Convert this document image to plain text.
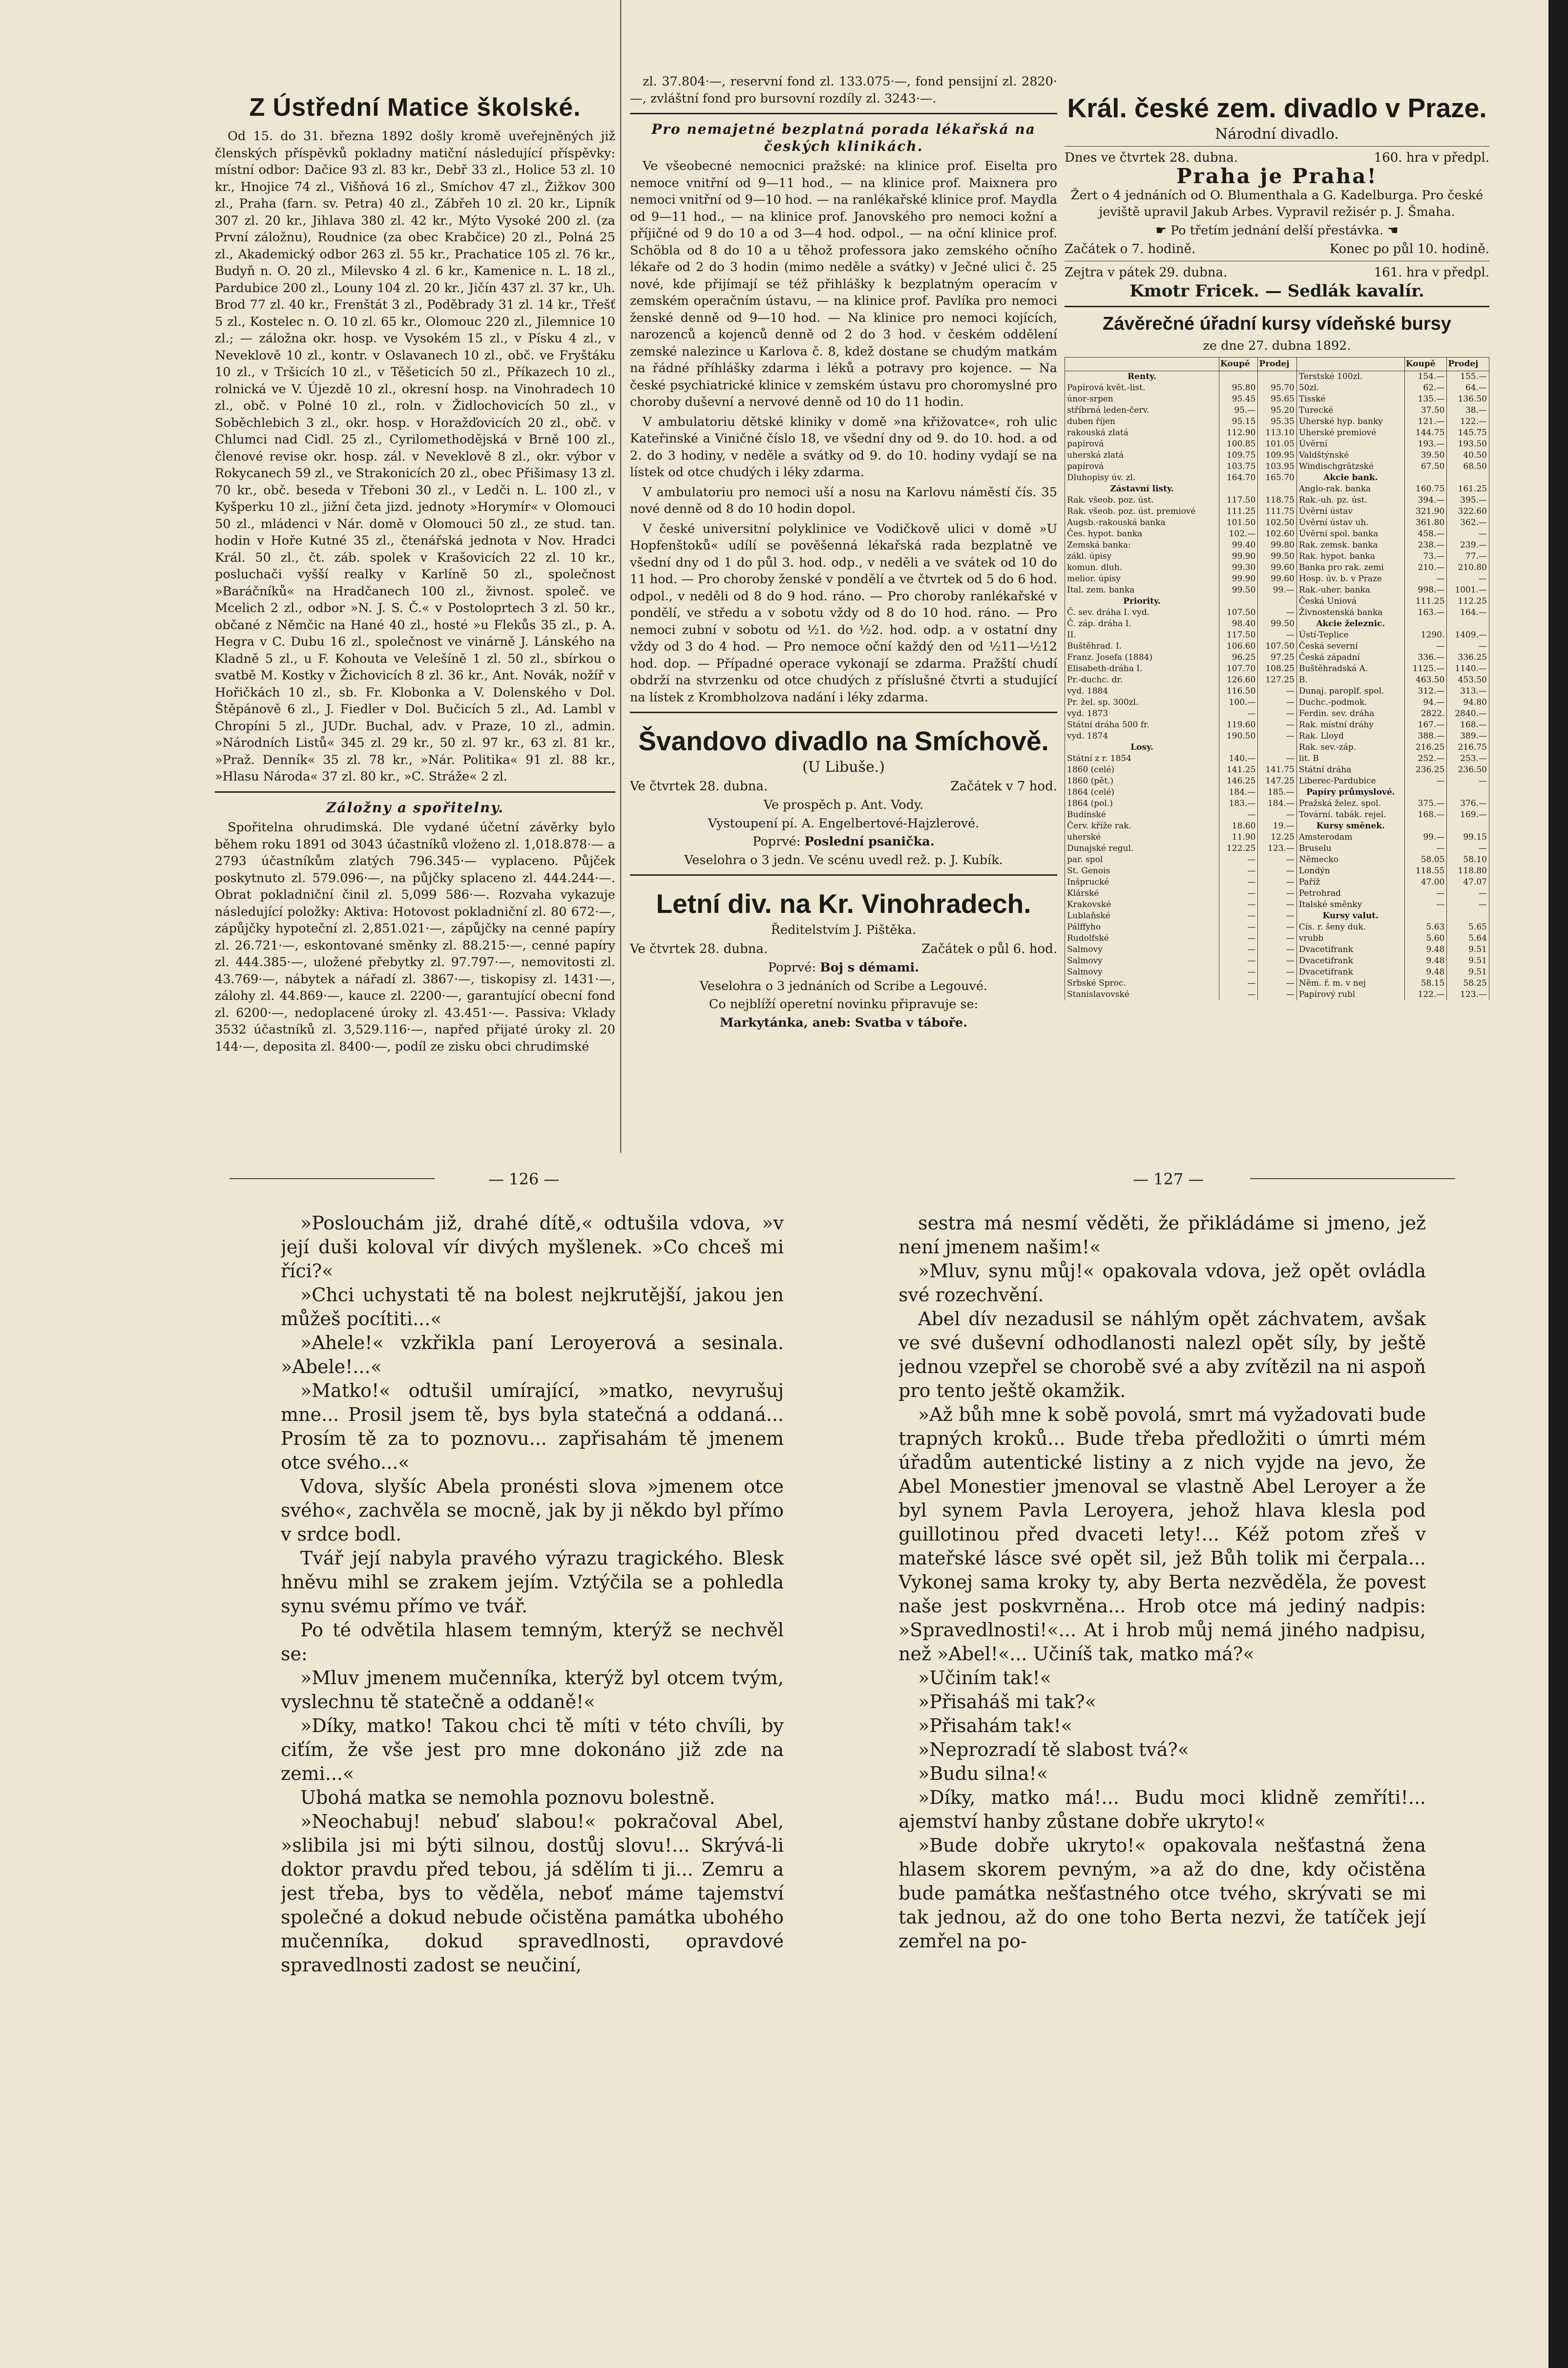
Z Ústřední Matice školské.

Od 15. do 31. března 1892 došly kromě uveřejněných již členských příspěvků pokladny matiční následující příspěvky: místní odbor: Dačice 93 zl. 83 kr., Debř 33 zl., Holice 53 zl. 10 kr., Hnojice 74 zl., Višňová 16 zl., Smíchov 47 zl., Žižkov 300 zl., Praha (farn. sv. Petra) 40 zl., Zábřeh 10 zl. 20 kr., Lipník 307 zl. 20 kr., Jihlava 380 zl. 42 kr., Mýto Vysoké 200 zl. (za První záložnu), Roudnice (za obec Krabčice) 20 zl., Polná 25 zl., Akademický odbor 263 zl. 55 kr., Prachatice 105 zl. 76 kr., Budyň n. O. 20 zl., Milevsko 4 zl. 6 kr., Kamenice n. L. 18 zl., Pardubice 200 zl., Louny 104 zl. 20 kr., Jičín 437 zl. 37 kr., Uh. Brod 77 zl. 40 kr., Frenštát 3 zl., Poděbrady 31 zl. 14 kr., Třešť 5 zl., Kostelec n. O. 10 zl. 65 kr., Olomouc 220 zl., Jilemnice 10 zl.; — záložna okr. hosp. ve Vysokém 15 zl., v Písku 4 zl., v Neveklově 10 zl., kontr. v Oslavanech 10 zl., obč. ve Fryštáku 10 zl., v Tršicích 10 zl., v Těšeticích 50 zl., Příkazech 10 zl., rolnická ve V. Újezdě 10 zl., okresní hosp. na Vinohradech 10 zl., obč. v Polné 10 zl., roln. v Židlochovicích 50 zl., v Soběchlebich 3 zl., okr. hosp. v Horažďovicích 20 zl., obč. v Chlumci nad Cidl. 25 zl., Cyrilomethodějská v Brně 100 zl., členové revise okr. hosp. zál. v Neveklově 8 zl., okr. výbor v Rokycanech 59 zl., ve Strakonicích 20 zl., obec Přišimasy 13 zl. 70 kr., obč. beseda v Třeboni 30 zl., v Ledči n. L. 100 zl., v Kyšperku 10 zl., jižní četa jizd. jednoty »Horymír« v Olomouci 50 zl., mládenci v Nár. domě v Olomouci 50 zl., ze stud. tan. hodin v Hoře Kutné 35 zl., čtenářská jednota v Nov. Hradci Král. 50 zl., čt. záb. spolek v Krašovicích 22 zl. 10 kr., posluchači vyšší realky v Karlíně 50 zl., společnost »Baráčníků« na Hradčanech 100 zl., živnost. společ. ve Mcelich 2 zl., odbor »N. J. S. Č.« v Postoloprtech 3 zl. 50 kr., občané z Němčic na Hané 40 zl., hosté »u Flekůs 35 zl., p. A. Hegra v C. Dubu 16 zl., společnost ve vinárně J. Lánského na Kladně 5 zl., u F. Kohouta ve Velešíně 1 zl. 50 zl., sbírkou o svatbě M. Kostky v Žichovicích 8 zl. 36 kr., Ant. Novák, nožíř v Hořičkách 10 zl., sb. Fr. Klobonka a V. Dolenského v Dol. Štěpánově 6 zl., J. Fiedler v Dol. Bučicích 5 zl., Ad. Lambl v Chropíni 5 zl., JUDr. Buchal, adv. v Praze, 10 zl., admin. »Národních Listů« 345 zl. 29 kr., 50 zl. 97 kr., 63 zl. 81 kr., »Praž. Denník« 35 zl. 78 kr., »Nár. Politika« 91 zl. 88 kr., »Hlasu Národa« 37 zl. 80 kr., »C. Stráže« 2 zl.

Záložny a spořitelny.

Spořitelna ohrudimská. Dle vydané účetní závěrky bylo během roku 1891 od 3043 účastníků vloženo zl. 1,018.878·— a 2793 účastníkům zlatých 796.345·— vyplaceno. Půjček poskytnuto zl. 579.096·—, na půjčky splaceno zl. 444.244·—. Obrat pokladniční činil zl. 5,099 586·—. Rozvaha vykazuje následující položky: Aktiva: Hotovost pokladniční zl. 80 672·—, zápůjčky hypoteční zl. 2,851.021·—, zápůjčky na cenné papíry zl. 26.721·—, eskontované směnky zl. 88.215·—, cenné papíry zl. 444.385·—, uložené přebytky zl. 97.797·—, nemovitosti zl. 43.769·—, nábytek a nářadí zl. 3867·—, tiskopisy zl. 1431·—, zálohy zl. 44.869·—, kauce zl. 2200·—, garantující obecní fond zl. 6200·—, nedoplacené úroky zl. 43.451·—. Passiva: Vklady 3532 účastníků zl. 3,529.116·—, napřed přijaté úroky zl. 20 144·—, deposita zl. 8400·—, podíl ze zisku obci chrudimské

zl. 37.804·—, reservní fond zl. 133.075·—, fond pensijní zl. 2820·—, zvláštní fond pro bursovní rozdíly zl. 3243·—.

Pro nemajetné bezplatná porada lékařská na českých klinikách.

Ve všeobecné nemocnici pražské: na klinice prof. Eiselta pro nemoce vnitřní od 9—11 hod., — na klinice prof. Maixnera pro nemoci vnitřní od 9—10 hod. — na ranlékařské klinice prof. Maydla od 9—11 hod., — na klinice prof. Janovského pro nemoci kožní a příjičné od 9 do 10 a od 3—4 hod. odpol., — na oční klinice prof. Schöbla od 8 do 10 a u těhož professora jako zemského očního lékaře od 2 do 3 hodin (mimo neděle a svátky) v Ječné ulici č. 25 nové, kde přijímají se též přihlášky k bezplatným operacím v zemském operačním ústavu, — na klinice prof. Pavlíka pro nemoci ženské denně od 9—10 hod. — Na klinice pro nemoci kojících, narozenců a kojenců denně od 2 do 3 hod. v českém oddělení zemské nalezince u Karlova č. 8, kdež dostane se chudým matkám na řádné příhlášky zdarma i léků a potravy pro kojence. — Na české psychiatrické klinice v zemském ústavu pro choromyslné pro choroby duševní a nervové denně od 10 do 11 hodin.

V ambulatoriu dětské kliniky v domě »na křižovatce«, roh ulic Kateřinské a Viničné číslo 18, ve všední dny od 9. do 10. hod. a od 2. do 3 hodiny, v neděle a svátky od 9. do 10. hodiny vydají se na lístek od otce chudých i léky zdarma.

V ambulatoriu pro nemoci uší a nosu na Karlovu náměstí čís. 35 nové denně od 8 do 10 hodin dopol.

V české universitní polyklinice ve Vodičkově ulici v domě »U Hopfenštoků« udílí se pověšenná lékařská rada bezplatně ve všední dny od 1 do půl 3. hod. odp., v neděli a ve svátek od 10 do 11 hod. — Pro choroby ženské v pondělí a ve čtvrtek od 5 do 6 hod. odpol., v neděli od 8 do 9 hod. ráno. — Pro choroby ranlékařské v pondělí, ve středu a v sobotu vždy od 8 do 10 hod. ráno. — Pro nemoci zubní v sobotu od ½1. do ½2. hod. odp. a v ostatní dny vždy od 3 do 4 hod. — Pro nemoce oční každý den od ½11—½12 hod. dop. — Případné operace vykonají se zdarma. Pražští chudí obdrží na stvrzenku od otce chudých z příslušné čtvrti a studující na lístek z Krombholzova nadání i léky zdarma.

Švandovo divadlo na Smíchově.
(U Libuše.)
Ve čtvrtek 28. dubna.	Začátek v 7 hod.
Ve prospěch p. Ant. Vody.
Vystoupení pí. A. Engelbertové-Hajzlerové.
Poprvé: Poslední psanička.
Veselohra o 3 jedn. Ve scénu uvedl rež. p. J. Kubík.
Letní div. na Kr. Vinohradech.
Ředitelstvím J. Pištěka.
Ve čtvrtek 28. dubna.	Začátek o půl 6. hod.
Poprvé: Boj s démami.
Veselohra o 3 jednáních od Scribe a Legouvé.
Co nejblíží operetní novinku připravuje se:
Markytánka, aneb: Svatba v táboře.
Král. české zem. divadlo v Praze.
Národní divadlo.
Dnes ve čtvrtek 28. dubna.	160. hra v předpl.
Praha je Praha!
Žert o 4 jednáních od O. Blumenthala a G. Kadelburga. Pro české jeviště upravil Jakub Arbes. Vypravil režisér p. J. Šmaha.
☛ Po třetím jednání delší přestávka. ☚
Začátek o 7. hodině.	Konec po půl 10. hodině.
Zejtra v pátek 29. dubna.	161. hra v předpl.
Kmotr Fricek. — Sedlák kavalír.
Závěrečné úřadní kursy vídeňské bursy
ze dne 27. dubna 1892.
	Koupě	Prodej		Koupě	Prodej
Renty.			Terstské 100zl.	154.—	155.—
Papírová květ.-list.	95.80	95.70	50zl.	62.—	64.—
únor-srpen	95.45	95.65	Tisské	135.—	136.50
stříbrná leden-červ.	95.—	95.20	Turecké	37.50	38.—
duben říjen	95.15	95.35	Uherské hyp. banky	121.—	122.—
rakouská zlatá	112.90	113.10	Uherské premiové	144.75	145.75
papírová	100.85	101.05	Úvěrní	193.—	193.50
uherská zlatá	109.75	109.95	Valdštýnské	39.50	40.50
papírová	103.75	103.95	Windischgrätzské	67.50	68.50
Dluhopisy úv. zl.	164.70	165.70	Akcie bank.		
Zástavní listy.			Anglo-rak. banka	160.75	161.25
Rak. všeob. poz. úst.	117.50	118.75	Rak.-uh. pz. úst.	394.—	395.—
Rak. všeob. poz. úst. premiové	111.25	111.75	Úvěrní ústav	321.90	322.60
Augsb.-rakouská banka	101.50	102.50	Úvěrní ústav uh.	361.80	362.—
Čes. hypot. banka	102.—	102.60	Úvěrní spol. banka	458.—	—
Zemská banka:	99.40	99.80	Rak. zemsk. banka	238.—	239.—
zákl. úpisy	99.90	99.50	Rak. hypot. banka	73.—	77.—
komun. dluh.	99.30	99.60	Banka pro rak. zemi	210.—	210.80
melior. úpisy	99.90	99.60	Hosp. úv. b. v Praze	—	—
Ital. zem. banka	99.50	99.—	Rak.-uher. banka	998.—	1001.—
Priority.			Česká Uniová	111.25	112.25
Č. sev. dráha I. vyd.	107.50	—	Živnostenská banka	163.—	164.—
Č. záp. dráha I.	98.40	99.50	Akcie železnic.		
II.	117.50	—	Ústí-Teplice	1290.	1409.—
Buštěhrad. I.	106.60	107.50	Česká severní	—	—
Franz. Josefa (1884)	96.25	97.25	Česká západní	336.—	336.25
Elisabeth-dráha I.	107.70	108.25	Buštěhradská A.	1125.—	1140.—
Pr.-duchc. dr.	126.60	127.25	B.	463.50	453.50
vyd. 1884	116.50	—	Dunaj. paroplf. spol.	312.—	313.—
Pr. žel. sp. 300zl.	100.—	—	Duchc.-podmok.	94.—	94.80
vyd. 1873	—	—	Ferdin. sev. dráha	2822.	2840.—
Státní dráha 500 fr.	119.60	—	Rak. místní dráhy	167.—	168.—
vyd. 1874	190.50	—	Rak. Lloyd	388.—	389.—
Losy.			Rak. sev.-záp.	216.25	216.75
Státní z r. 1854	140.—	—	lit. B	252.—	253.—
1860 (celé)	141.25	141.75	Státní dráha	236.25	236.50
1860 (pět.)	146.25	147.25	Liberec-Pardubice	—	—
1864 (celé)	184.—	185.—	Papíry průmyslové.		
1864 (pol.)	183.—	184.—	Pražská želez. spol.	375.—	376.—
Budínské	—	—	Tovární. tabák. rejel.	168.—	169.—
Červ. kříže rak.	18.60	19.—	Kursy směnek.		
uherské	11.90	12.25	Amsterodam	99.—	99.15
Dunajské regul.	122.25	123.—	Bruselu	—	—
par. spol	—	—	Německo	58.05	58.10
St. Genois	—	—	Londýn	118.55	118.80
Inšprucké	—	—	Paříž	47.00	47.07
Klárské	—	—	Petrohrad	—	—
Krakovské	—	—	Italské směnky	—	—
Lublaňské	—	—	Kursy valut.		
Pálffyho	—	—	Cís. r. šeny duk.	5.63	5.65
Rudolfské	—	—	vrubb	5.60	5.64
Salmovy	—	—	Dvacetifrank	9.48	9.51
Salmovy	—	—	Dvacetifrank	9.48	9.51
Salmovy	—	—	Dvacetifrank	9.48	9.51
Srbské Sproc.	—	—	Něm. ř. m. v nej	58.15	58.25
Stanislavovské	—	—	Papírový rubl	122.—	123.—
— 126 —	— 127 —

»Poslouchám již, drahé dítě,« odtušila vdova, »v její duši koloval vír divých myšlenek. »Co chceš mi říci?«

»Chci uchystati tě na bolest nejkrutější, jakou jen můžeš pocítiti...«

»Ahele!« vzkřikla paní Leroyerová a sesinala. »Abele!...«

»Matko!« odtušil umírající, »matko, nevyrušuj mne... Prosil jsem tě, bys byla statečná a oddaná... Prosím tě za to poznovu... zapřisahám tě jmenem otce svého...«

Vdova, slyšíc Abela pronésti slova »jmenem otce svého«, zachvěla se mocně, jak by ji někdo byl přímo v srdce bodl.

Tvář její nabyla pravého výrazu tragického. Blesk hněvu mihl se zrakem jejím. Vztýčila se a pohledla synu svému přímo ve tvář.

Po té odvětila hlasem temným, kterýž se nechvěl se:

»Mluv jmenem mučenníka, kterýž byl otcem tvým, vyslechnu tě statečně a oddaně!«

»Díky, matko! Takou chci tě míti v této chvíli, by ciťím, že vše jest pro mne dokonáno již zde na zemi...«

Ubohá matka se nemohla poznovu bolestně.

»Neochabuj! nebuď slabou!« pokračoval Abel, »slibila jsi mi býti silnou, dostůj slovu!... Skrývá-li doktor pravdu před tebou, já sdělím ti ji... Zemru a jest třeba, bys to věděla, neboť máme tajemství společné a dokud nebude očistěna památka ubohého mučenníka, dokud spravedlnosti, opravdové spravedlnosti zadost se neučiní,

sestra má nesmí věděti, že přikládáme si jmeno, jež není jmenem našim!«

»Mluv, synu můj!« opakovala vdova, jež opět ovládla své rozechvění.

Abel dív nezadusil se náhlým opět záchvatem, avšak ve své duševní odhodlanosti nalezl opět síly, by ještě jednou vzepřel se chorobě své a aby zvítězil na ni aspoň pro tento ještě okamžik.

»Až bůh mne k sobě povolá, smrt má vyžadovati bude trapných kroků... Bude třeba předložiti o úmrti mém úřadům autentické listiny a z nich vyjde na jevo, že Abel Monestier jmenoval se vlastně Abel Leroyer a že byl synem Pavla Leroyera, jehož hlava klesla pod guillotinou před dvaceti lety!... Kéž potom zřeš v mateřské lásce své opět sil, jež Bůh tolik mi čerpala... Vykonej sama kroky ty, aby Berta nezvěděla, že povest naše jest poskvrněna... Hrob otce má jediný nadpis: »Spravedlnosti!«... At i hrob můj nemá jiného nadpisu, než »Abel!«... Učiníš tak, matko má?«

»Učiním tak!«

»Přisaháš mi tak?«

»Přisahám tak!«

»Neprozradí tě slabost tvá?«

»Budu silna!«

»Díky, matko má!... Budu moci klidně zemříti!... ajemství hanby zůstane dobře ukryto!«

»Bude dobře ukryto!« opakovala nešťastná žena hlasem skorem pevným, »a až do dne, kdy očistěna bude památka nešťastného otce tvého, skrývati se mi tak jednou, až do one toho Berta nezvi, že tatíček její zemřel na po-
